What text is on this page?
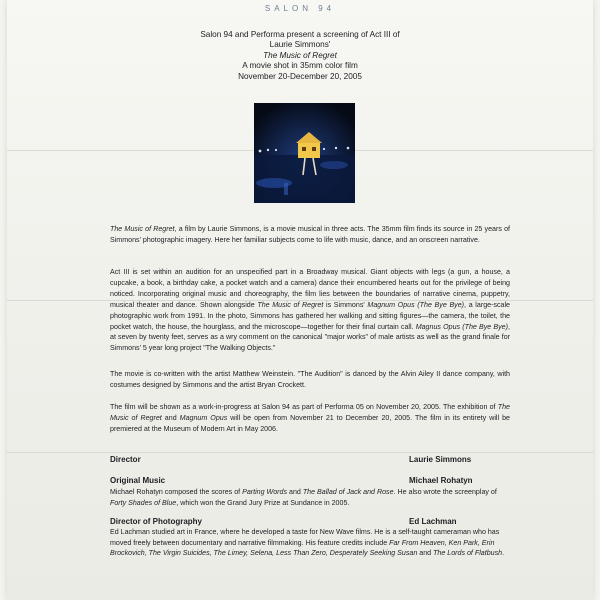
SALON 94
Salon 94 and Performa present a screening of Act III of
Laurie Simmons'
The Music of Regret
A movie shot in 35mm color film
November 20-December 20, 2005

The Music of Regret, a film by Laurie Simmons, is a movie musical in three acts. The 35mm film finds its source in 25 years of Simmons' photographic imagery. Here her familiar subjects come to life with music, dance, and an onscreen narrative.

Act III is set within an audition for an unspecified part in a Broadway musical. Giant objects with legs (a gun, a house, a cupcake, a book, a birthday cake, a pocket watch and a camera) dance their encumbered hearts out for the privilege of being noticed. Incorporating original music and choreography, the film lies between the boundaries of narrative cinema, puppetry, musical theater and dance. Shown alongside The Music of Regret is Simmons' Magnum Opus (The Bye Bye), a large-scale photographic work from 1991. In the photo, Simmons has gathered her walking and sitting figures—the camera, the toilet, the pocket watch, the house, the hourglass, and the microscope—together for their final curtain call. Magnus Opus (The Bye Bye), at seven by twenty feet, serves as a wry comment on the canonical "major works" of male artists as well as the grand finale for Simmons' 5 year long project "The Walking Objects."

The movie is co-written with the artist Matthew Weinstein. "The Audition" is danced by the Alvin Ailey II dance company, with costumes designed by Simmons and the artist Bryan Crockett.

The film will be shown as a work-in-progress at Salon 94 as part of Performa 05 on November 20, 2005. The exhibition of The Music of Regret and Magnum Opus will be open from November 21 to December 20, 2005. The film in its entirety will be premiered at the Museum of Modern Art in May 2006.

Director	Laurie Simmons
Original Music	Michael Rohatyn

Michael Rohatyn composed the scores of Parting Words and The Ballad of Jack and Rose. He also wrote the screenplay of Forty Shades of Blue, which won the Grand Jury Prize at Sundance in 2005.

Director of Photography	Ed Lachman

Ed Lachman studied art in France, where he developed a taste for New Wave films. He is a self-taught cameraman who has moved freely between documentary and narrative filmmaking. His feature credits include Far From Heaven, Ken Park, Erin Brockovich, The Virgin Suicides, The Limey, Selena, Less Than Zero, Desperately Seeking Susan and The Lords of Flatbush.
